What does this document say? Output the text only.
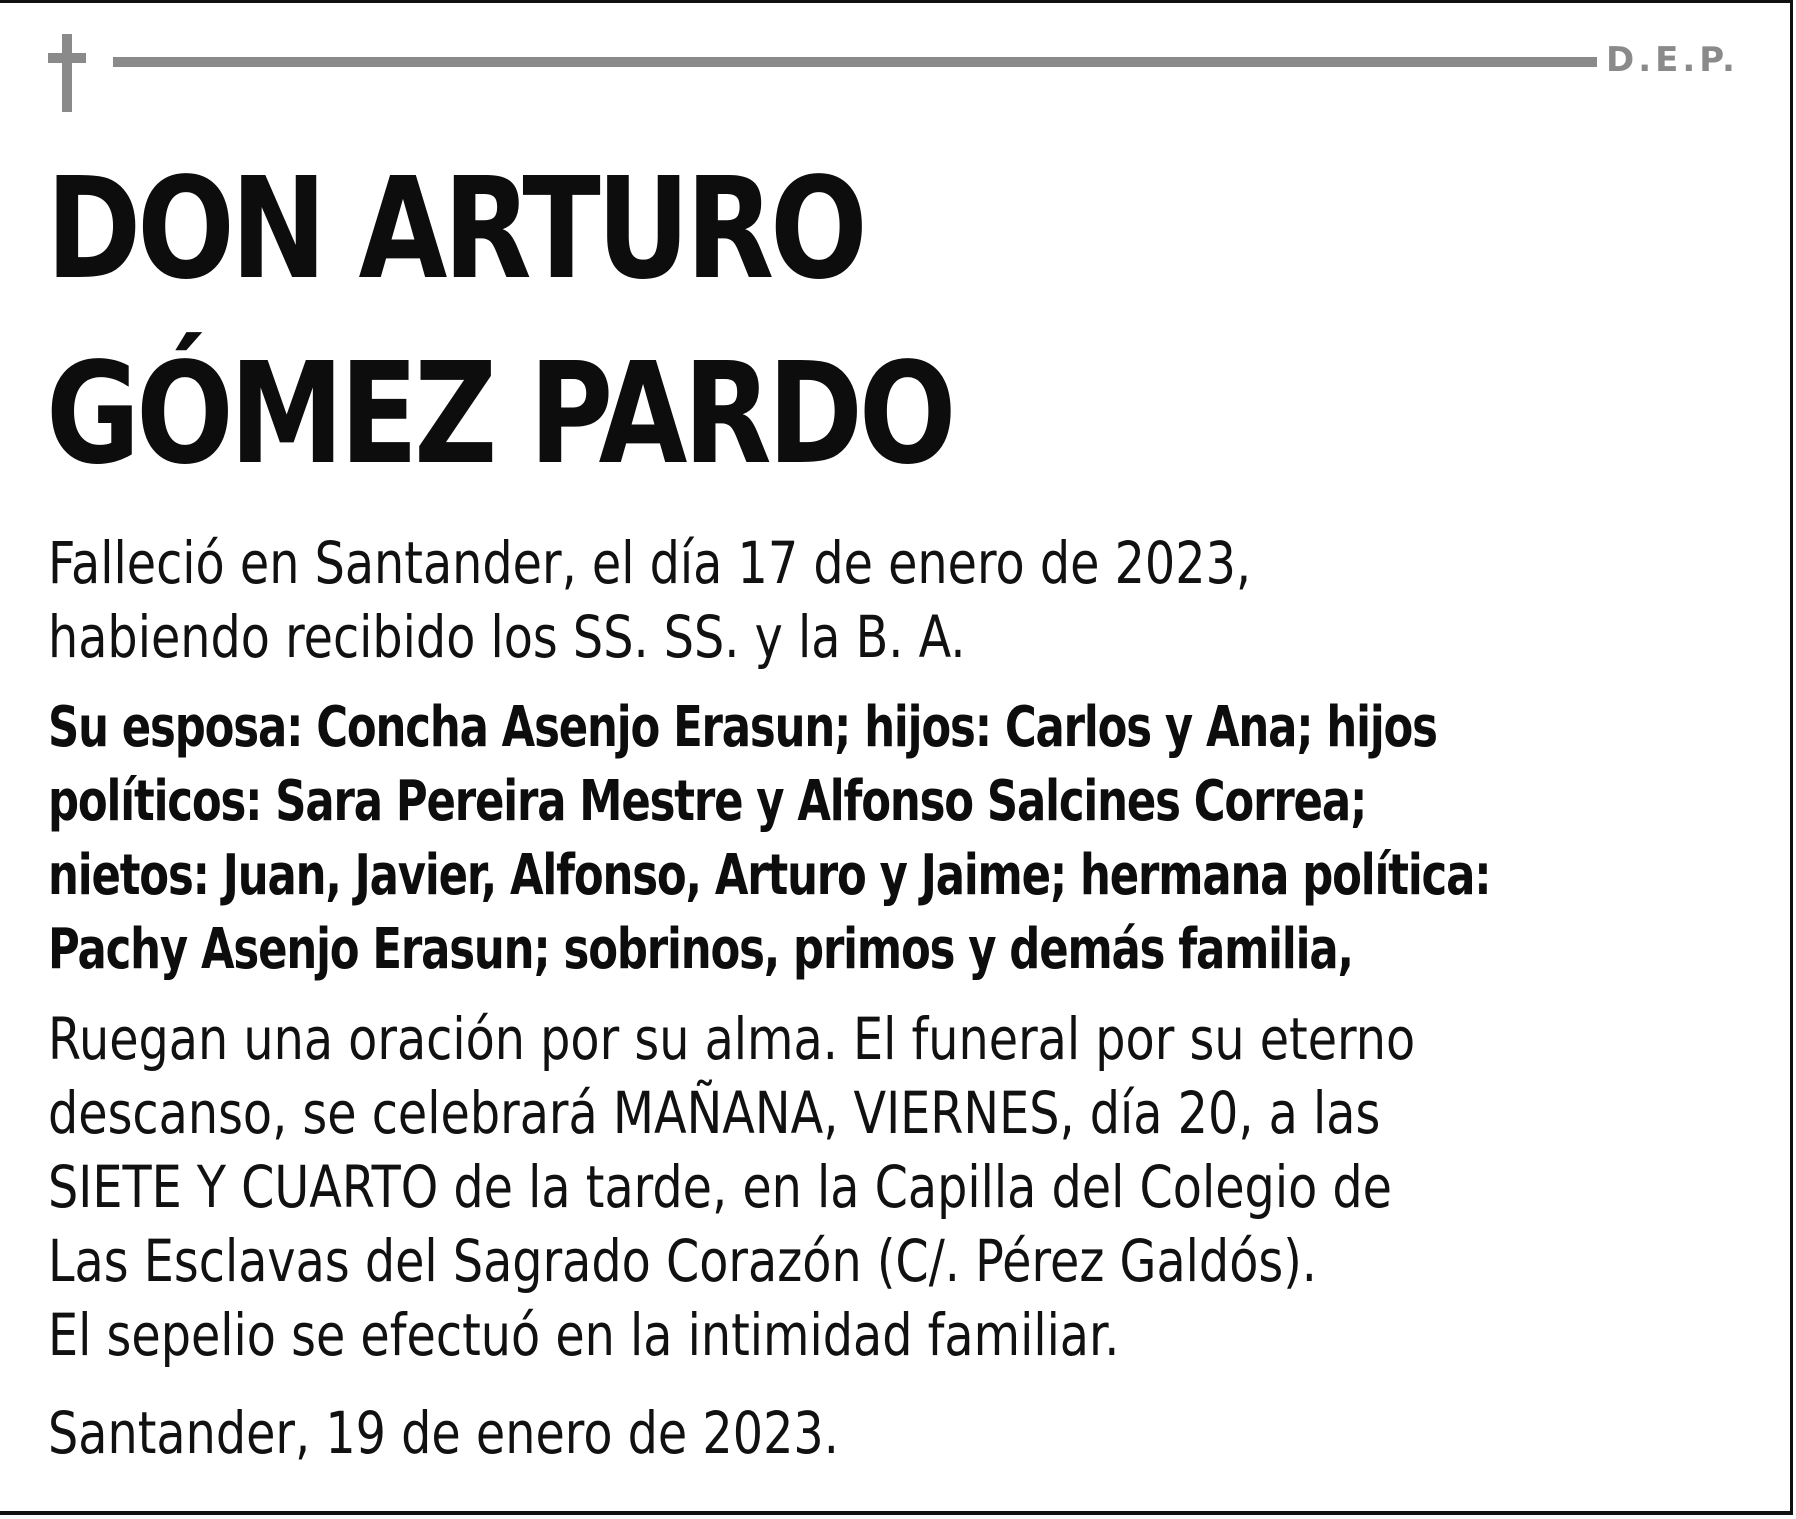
D.E.P.
DON ARTURO
GÓMEZ PARDO
Falleció en Santander, el día 17 de enero de 2023,
habiendo recibido los SS. SS. y la B. A.
Su esposa: Concha Asenjo Erasun; hijos: Carlos y Ana; hijos
políticos: Sara Pereira Mestre y Alfonso Salcines Correa;
nietos: Juan, Javier, Alfonso, Arturo y Jaime; hermana política:
Pachy Asenjo Erasun; sobrinos, primos y demás familia,
Ruegan una oración por su alma. El funeral por su eterno
descanso, se celebrará MAÑANA, VIERNES, día 20, a las
SIETE Y CUARTO de la tarde, en la Capilla del Colegio de
Las Esclavas del Sagrado Corazón (C/. Pérez Galdós).
El sepelio se efectuó en la intimidad familiar.
Santander, 19 de enero de 2023.
